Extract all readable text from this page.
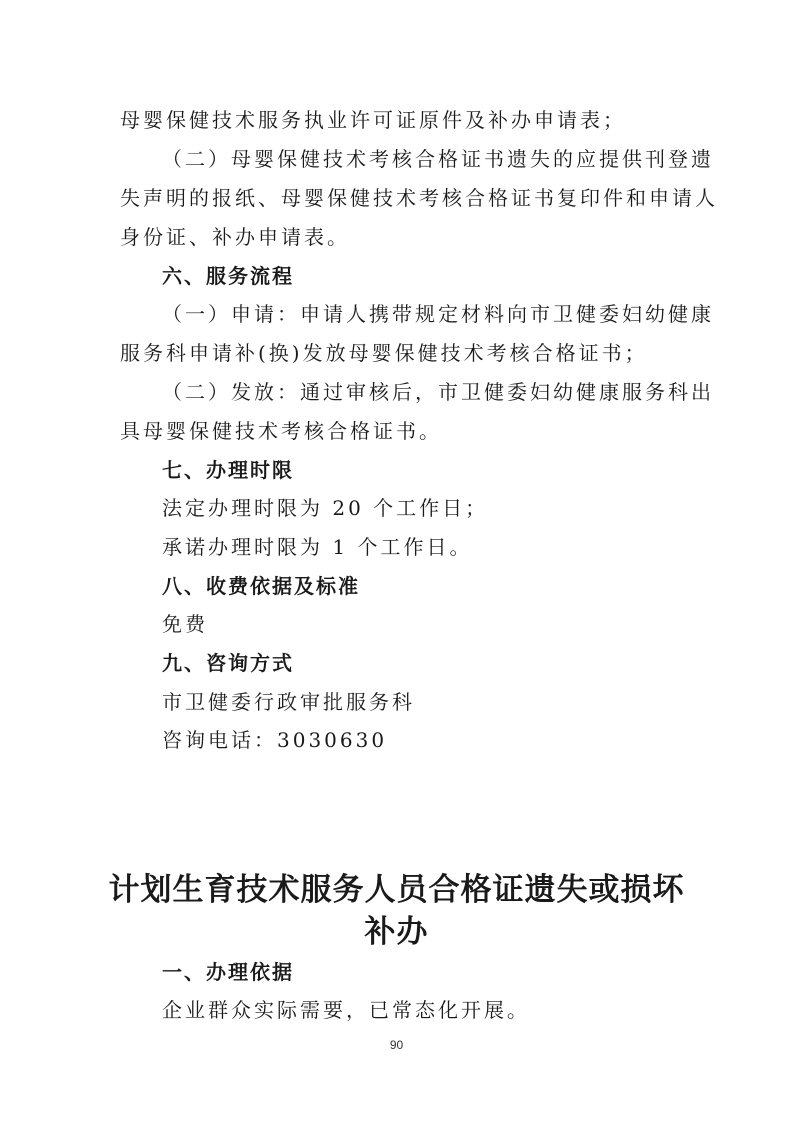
母婴保健技术服务执业许可证原件及补办申请表；
（二）母婴保健技术考核合格证书遗失的应提供刊登遗
失声明的报纸、母婴保健技术考核合格证书复印件和申请人
身份证、补办申请表。
六、服务流程
（一）申请：申请人携带规定材料向市卫健委妇幼健康
服务科申请补(换)发放母婴保健技术考核合格证书；
（二）发放：通过审核后，市卫健委妇幼健康服务科出
具母婴保健技术考核合格证书。
七、办理时限
法定办理时限为 20 个工作日；
承诺办理时限为 1 个工作日。
八、收费依据及标准
免费
九、咨询方式
市卫健委行政审批服务科
咨询电话：3030630
计划生育技术服务人员合格证遗失或损坏
补办
一、办理依据
企业群众实际需要，已常态化开展。
90
